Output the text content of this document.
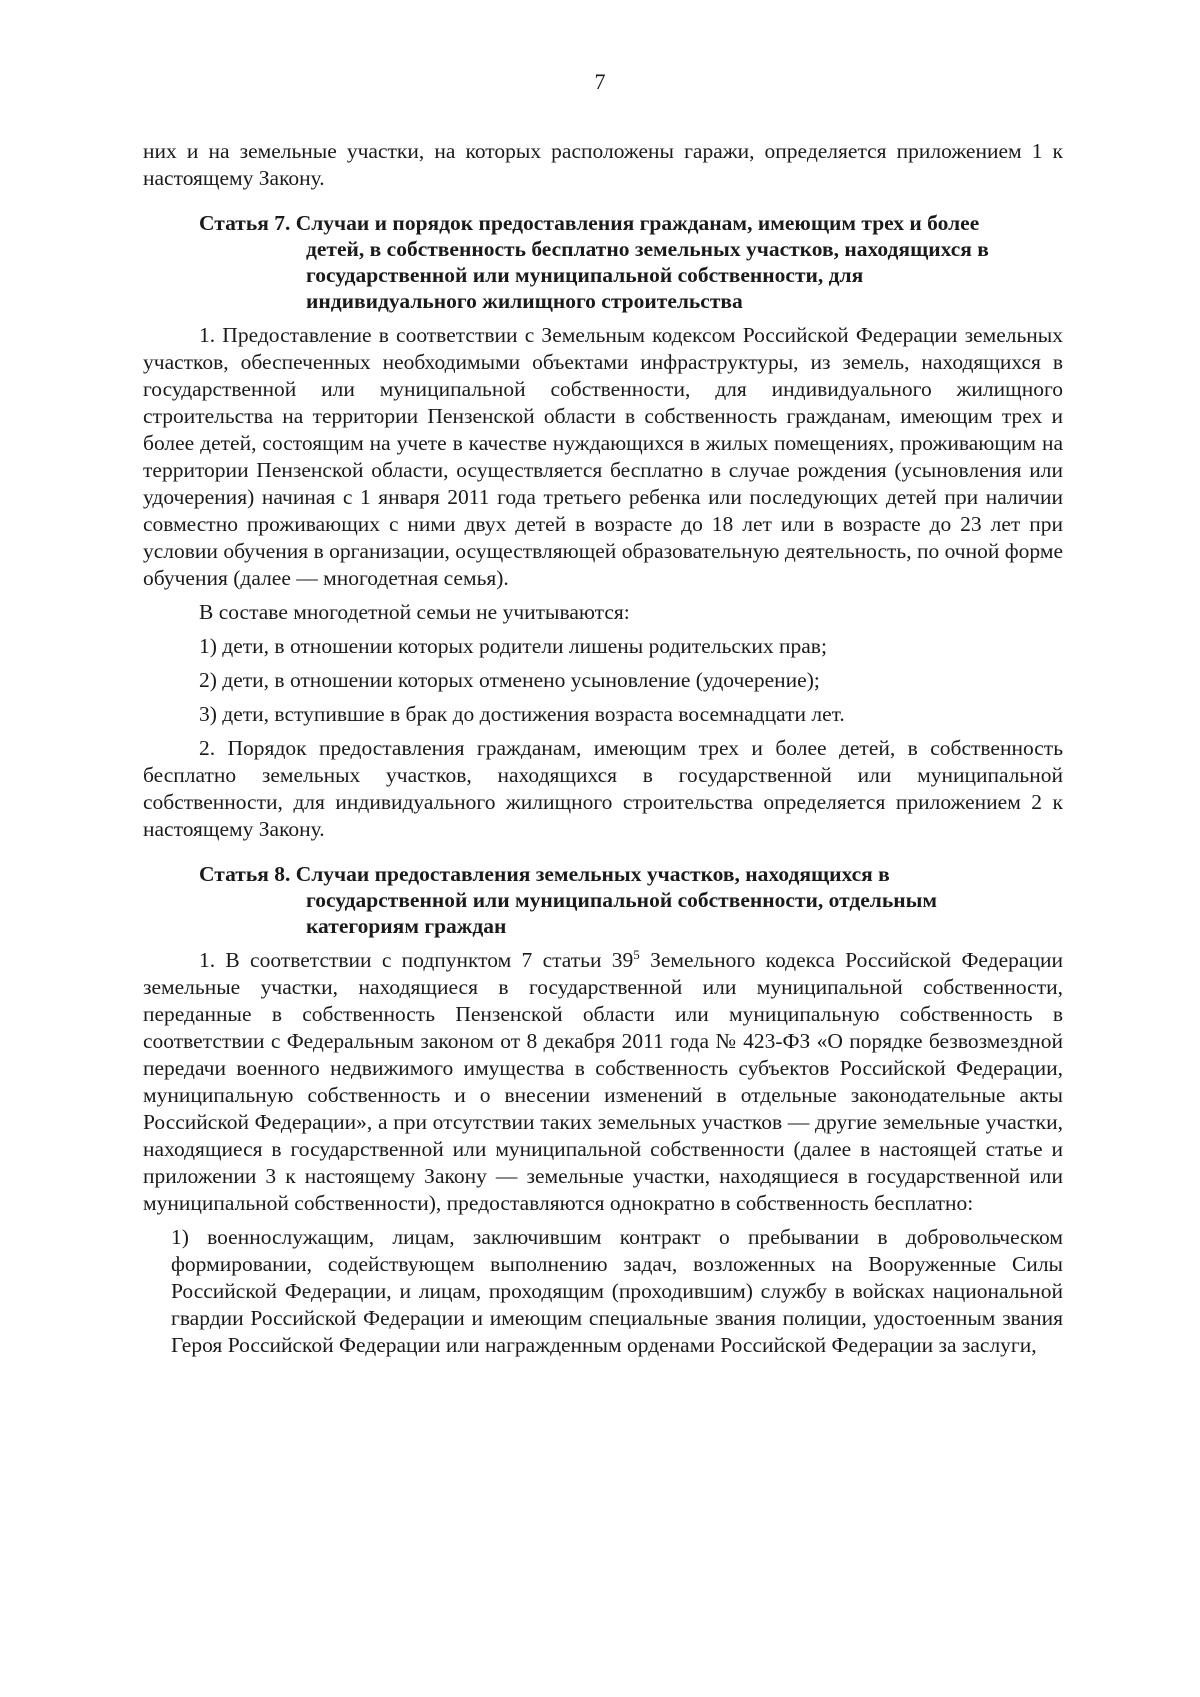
7

них и на земельные участки, на которых расположены гаражи, определяется приложением 1 к настоящему Закону.

Статья 7. Случаи и порядок предоставления гражданам, имеющим трех и более детей, в собственность бесплатно земельных участков, находящихся в государственной или муниципальной собственности, для индивидуального жилищного строительства

1. Предоставление в соответствии с Земельным кодексом Российской Федерации земельных участков, обеспеченных необходимыми объектами инфраструктуры, из земель, находящихся в государственной или муниципальной собственности, для индивидуального жилищного строительства на территории Пензенской области в собственность гражданам, имеющим трех и более детей, состоящим на учете в качестве нуждающихся в жилых помещениях, проживающим на территории Пензенской области, осуществляется бесплатно в случае рождения (усыновления или удочерения) начиная с 1 января 2011 года третьего ребенка или последующих детей при наличии совместно проживающих с ними двух детей в возрасте до 18 лет или в возрасте до 23 лет при условии обучения в организации, осуществляющей образовательную деятельность, по очной форме обучения (далее — многодетная семья).

В составе многодетной семьи не учитываются:

1) дети, в отношении которых родители лишены родительских прав;

2) дети, в отношении которых отменено усыновление (удочерение);

3) дети, вступившие в брак до достижения возраста восемнадцати лет.

2. Порядок предоставления гражданам, имеющим трех и более детей, в собственность бесплатно земельных участков, находящихся в государственной или муниципальной собственности, для индивидуального жилищного строительства определяется приложением 2 к настоящему Закону.

Статья 8. Случаи предоставления земельных участков, находящихся в государственной или муниципальной собственности, отдельным категориям граждан

1. В соответствии с подпунктом 7 статьи $39^5$ Земельного кодекса Российской Федерации земельные участки, находящиеся в государственной или муниципальной собственности, переданные в собственность Пензенской области или муниципальную собственность в соответствии с Федеральным законом от 8 декабря 2011 года № 423-ФЗ «О порядке безвозмездной передачи военного недвижимого имущества в собственность субъектов Российской Федерации, муниципальную собственность и о внесении изменений в отдельные законодательные акты Российской Федерации», а при отсутствии таких земельных участков — другие земельные участки, находящиеся в государственной или муниципальной собственности (далее в настоящей статье и приложении 3 к настоящему Закону — земельные участки, находящиеся в государственной или муниципальной собственности), предоставляются однократно в собственность бесплатно:

1) военнослужащим, лицам, заключившим контракт о пребывании в добровольческом формировании, содействующем выполнению задач, возложенных на Вооруженные Силы Российской Федерации, и лицам, проходящим (проходившим) службу в войсках национальной гвардии Российской Федерации и имеющим специальные звания полиции, удостоенным звания Героя Российской Федерации или награжденным орденами Российской Федерации за заслуги,
